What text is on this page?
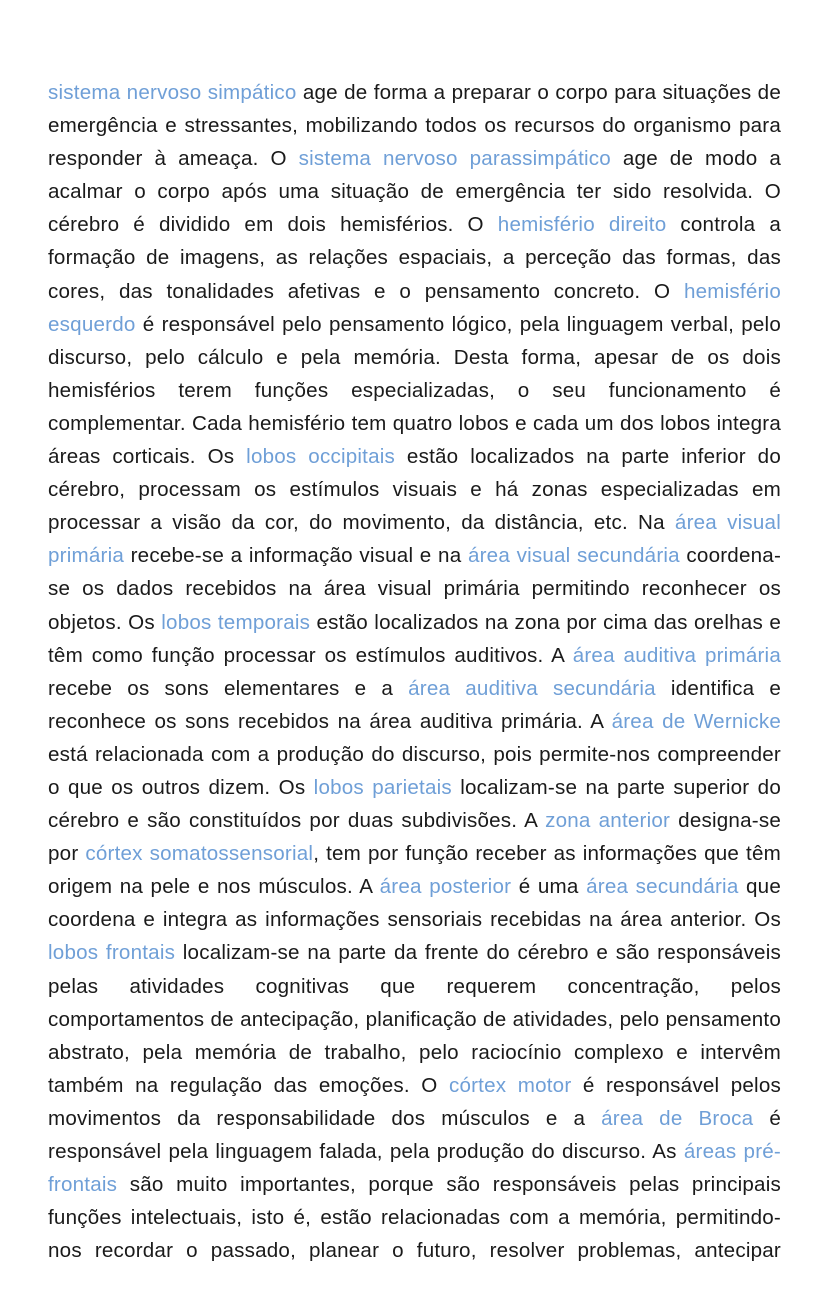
sistema nervoso simpático age de forma a preparar o corpo para situações de emergência e stressantes, mobilizando todos os recursos do organismo para responder à ameaça. O sistema nervoso parassimpático age de modo a acalmar o corpo após uma situação de emergência ter sido resolvida. O cérebro é dividido em dois hemisférios. O hemisfério direito controla a formação de imagens, as relações espaciais, a perceção das formas, das cores, das tonalidades afetivas e o pensamento concreto. O hemisfério esquerdo é responsável pelo pensamento lógico, pela linguagem verbal, pelo discurso, pelo cálculo e pela memória. Desta forma, apesar de os dois hemisférios terem funções especializadas, o seu funcionamento é complementar. Cada hemisfério tem quatro lobos e cada um dos lobos integra áreas corticais. Os lobos occipitais estão localizados na parte inferior do cérebro, processam os estímulos visuais e há zonas especializadas em processar a visão da cor, do movimento, da distância, etc. Na área visual primária recebe-se a informação visual e na área visual secundária coordena-se os dados recebidos na área visual primária permitindo reconhecer os objetos. Os lobos temporais estão localizados na zona por cima das orelhas e têm como função processar os estímulos auditivos. A área auditiva primária recebe os sons elementares e a área auditiva secundária identifica e reconhece os sons recebidos na área auditiva primária. A área de Wernicke está relacionada com a produção do discurso, pois permite-nos compreender o que os outros dizem. Os lobos parietais localizam-se na parte superior do cérebro e são constituídos por duas subdivisões. A zona anterior designa-se por córtex somatossensorial, tem por função receber as informações que têm origem na pele e nos músculos. A área posterior é uma área secundária que coordena e integra as informações sensoriais recebidas na área anterior. Os lobos frontais localizam-se na parte da frente do cérebro e são responsáveis pelas atividades cognitivas que requerem concentração, pelos comportamentos de antecipação, planificação de atividades, pelo pensamento abstrato, pela memória de trabalho, pelo raciocínio complexo e intervêm também na regulação das emoções. O córtex motor é responsável pelos movimentos da responsabilidade dos músculos e a área de Broca é responsável pela linguagem falada, pela produção do discurso. As áreas pré-frontais são muito importantes, porque são responsáveis pelas principais funções intelectuais, isto é, estão relacionadas com a memória, permitindo-nos recordar o passado, planear o futuro, resolver problemas, antecipar
